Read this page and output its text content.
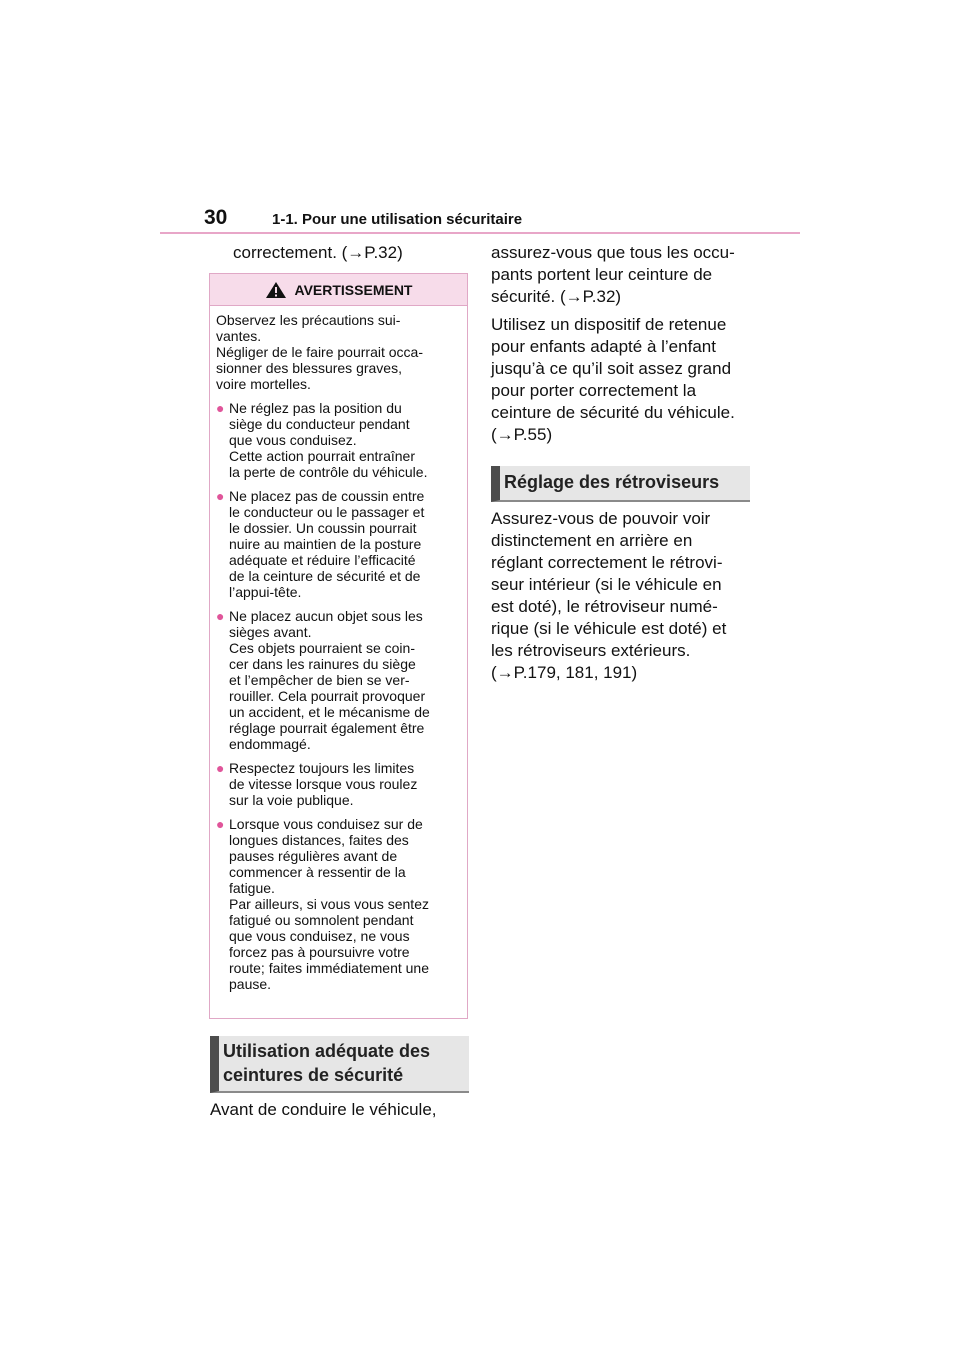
30	1-1. Pour une utilisation sécuritaire
correctement. (→P.32)
AVERTISSEMENT
Observez les précautions sui-
vantes.
Négliger de le faire pourrait occa-
sionner des blessures graves,
voire mortelles.
● Ne réglez pas la position du
siège du conducteur pendant
que vous conduisez.
Cette action pourrait entraîner
la perte de contrôle du véhicule.
● Ne placez pas de coussin entre
le conducteur ou le passager et
le dossier. Un coussin pourrait
nuire au maintien de la posture
adéquate et réduire l’efficacité
de la ceinture de sécurité et de
l’appui-tête.
● Ne placez aucun objet sous les
sièges avant.
Ces objets pourraient se coin-
cer dans les rainures du siège
et l’empêcher de bien se ver-
rouiller. Cela pourrait provoquer
un accident, et le mécanisme de
réglage pourrait également être
endommagé.
● Respectez toujours les limites
de vitesse lorsque vous roulez
sur la voie publique.
● Lorsque vous conduisez sur de
longues distances, faites des
pauses régulières avant de
commencer à ressentir de la
fatigue.
Par ailleurs, si vous vous sentez
fatigué ou somnolent pendant
que vous conduisez, ne vous
forcez pas à poursuivre votre
route; faites immédiatement une
pause.
Utilisation adéquate des
ceintures de sécurité
Avant de conduire le véhicule,
assurez-vous que tous les occu-
pants portent leur ceinture de
sécurité. (→P.32)
Utilisez un dispositif de retenue
pour enfants adapté à l’enfant
jusqu’à ce qu’il soit assez grand
pour porter correctement la
ceinture de sécurité du véhicule.
(→P.55)
Réglage des rétroviseurs
Assurez-vous de pouvoir voir
distinctement en arrière en
réglant correctement le rétrovi-
seur intérieur (si le véhicule en
est doté), le rétroviseur numé-
rique (si le véhicule est doté) et
les rétroviseurs extérieurs.
(→P.179, 181, 191)
